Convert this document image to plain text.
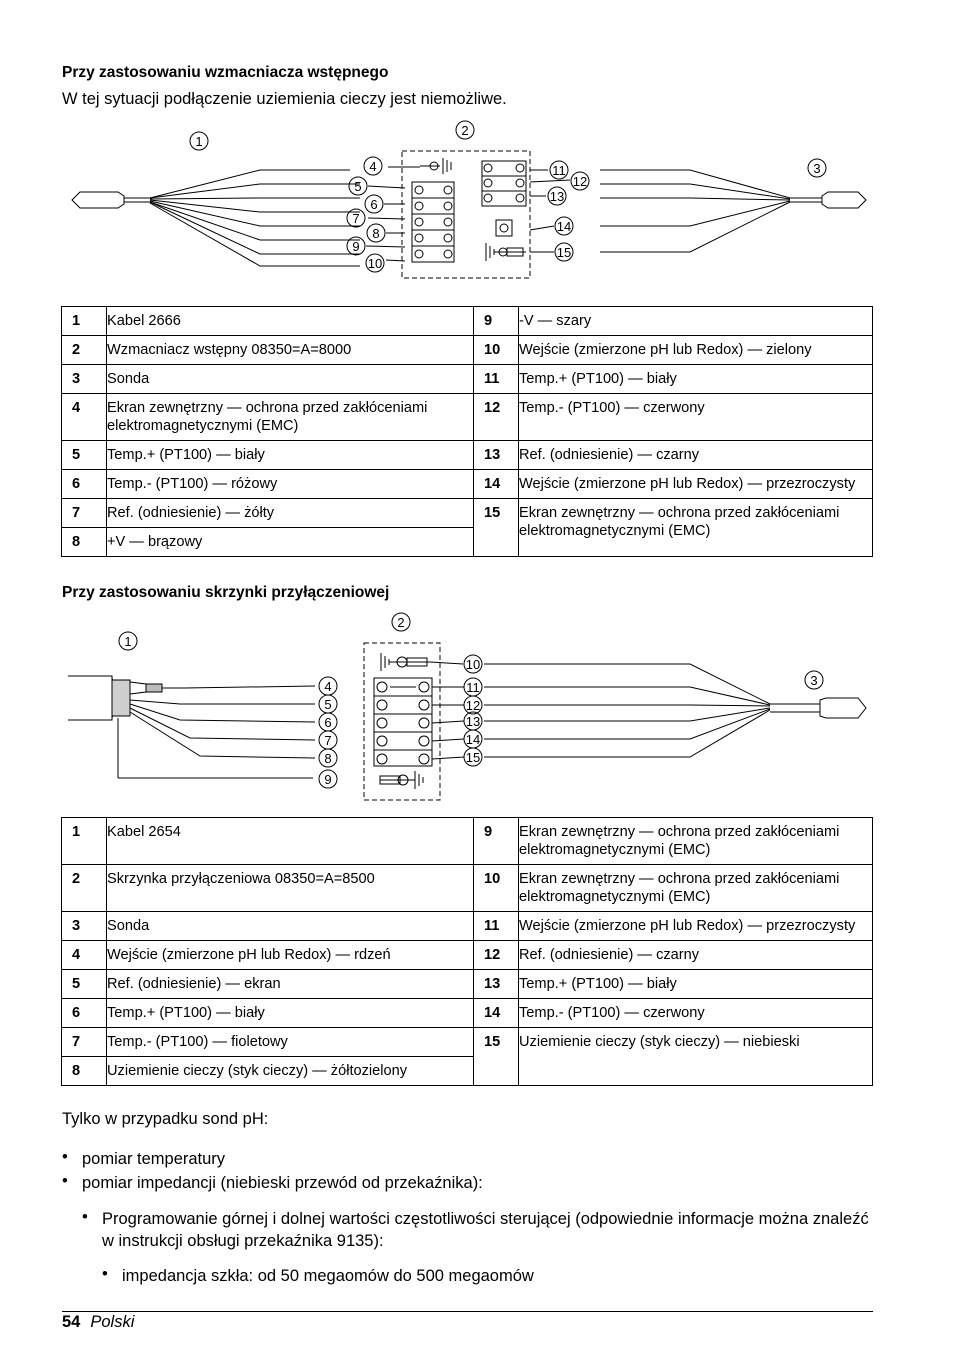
Przy zastosowaniu wzmacniacza wstępnego
W tej sytuacji podłączenie uziemienia cieczy jest niemożliwe.
1
2
3
4
5
6
7
8
9
10
11
12
13
14
15
1	Kabel 2666	9	-V — szary
2	Wzmacniacz wstępny 08350=A=8000	10	Wejście (zmierzone pH lub Redox) — zielony
3	Sonda	11	Temp.+ (PT100) — biały
4	Ekran zewnętrzny — ochrona przed zakłóceniami elektromagnetycznymi (EMC)	12	Temp.- (PT100) — czerwony
5	Temp.+ (PT100) — biały	13	Ref. (odniesienie) — czarny
6	Temp.- (PT100) — różowy	14	Wejście (zmierzone pH lub Redox) — przezroczysty
7	Ref. (odniesienie) — żółty	15	Ekran zewnętrzny — ochrona przed zakłóceniami elektromagnetycznymi (EMC)
8	+V — brązowy		
Przy zastosowaniu skrzynki przyłączeniowej
1
2
3
4
5
6
7
8
9
10
11
12
13
14
15
1	Kabel 2654	9	Ekran zewnętrzny — ochrona przed zakłóceniami elektromagnetycznymi (EMC)
2	Skrzynka przyłączeniowa 08350=A=8500	10	Ekran zewnętrzny — ochrona przed zakłóceniami elektromagnetycznymi (EMC)
3	Sonda	11	Wejście (zmierzone pH lub Redox) — przezroczysty
4	Wejście (zmierzone pH lub Redox) — rdzeń	12	Ref. (odniesienie) — czarny
5	Ref. (odniesienie) — ekran	13	Temp.+ (PT100) — biały
6	Temp.+ (PT100) — biały	14	Temp.- (PT100) — czerwony
7	Temp.- (PT100) — fioletowy	15	Uziemienie cieczy (styk cieczy) — niebieski
8	Uziemienie cieczy (styk cieczy) — żółtozielony		
Tylko w przypadku sond pH:
• pomiar temperatury
• pomiar impedancji (niebieski przewód od przekaźnika):
• Programowanie górnej i dolnej wartości częstotliwości sterującej (odpowiednie informacje można znaleźć w instrukcji obsługi przekaźnika 9135):
• impedancja szkła: od 50 megaomów do 500 megaomów
54 Polski
